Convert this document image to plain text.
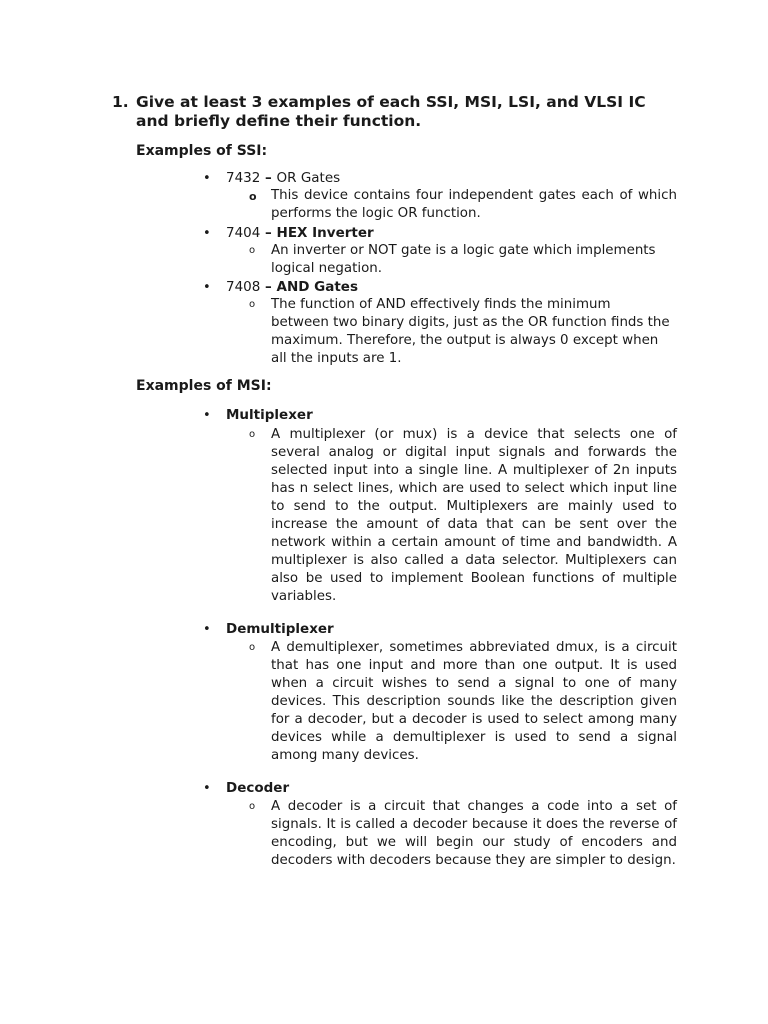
1. Give at least 3 examples of each SSI, MSI, LSI, and VLSI IC and briefly define their function.
Examples of SSI:
• 7432 – OR Gates
o This device contains four independent gates each of which performs the logic OR function.
• 7404 – HEX Inverter
o An inverter or NOT gate is a logic gate which implements logical negation.
• 7408 – AND Gates
o The function of AND effectively finds the minimum between two binary digits, just as the OR function finds the maximum. Therefore, the output is always 0 except when all the inputs are 1.
Examples of MSI:
• Multiplexer
o A multiplexer (or mux) is a device that selects one of several analog or digital input signals and forwards the selected input into a single line. A multiplexer of 2n inputs has n select lines, which are used to select which input line to send to the output. Multiplexers are mainly used to increase the amount of data that can be sent over the network within a certain amount of time and bandwidth. A multiplexer is also called a data selector. Multiplexers can also be used to implement Boolean functions of multiple variables.
• Demultiplexer
o A demultiplexer, sometimes abbreviated dmux, is a circuit that has one input and more than one output. It is used when a circuit wishes to send a signal to one of many devices. This description sounds like the description given for a decoder, but a decoder is used to select among many devices while a demultiplexer is used to send a signal among many devices.
• Decoder
o A decoder is a circuit that changes a code into a set of signals. It is called a decoder because it does the reverse of encoding, but we will begin our study of encoders and decoders with decoders because they are simpler to design.
